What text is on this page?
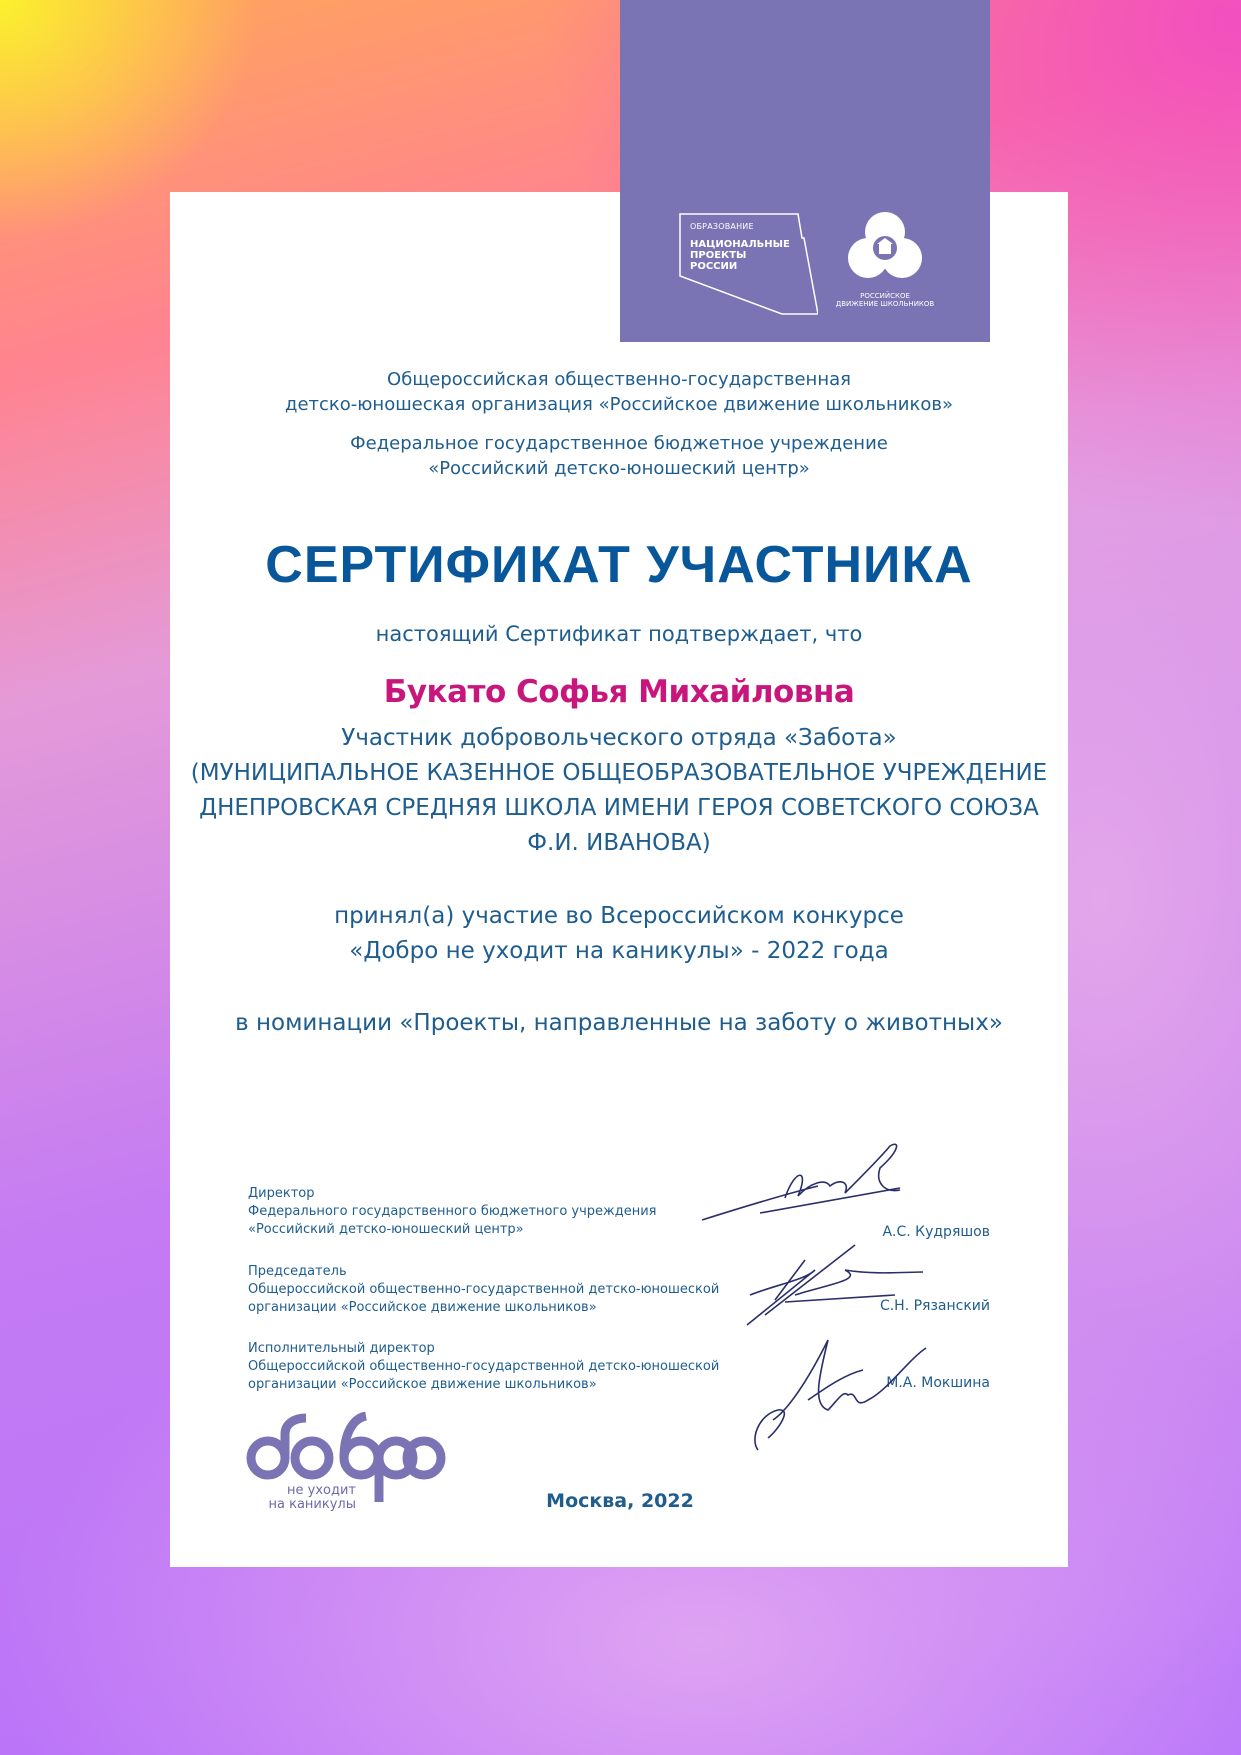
ОБРАЗОВАНИЕ
НАЦИОНАЛЬНЫЕ ПРОЕКТЫ РОССИИ
РОССИЙСКОЕ
ДВИЖЕНИЕ ШКОЛЬНИКОВ
Общероссийская общественно-государственная
детско-юношеская организация «Российское движение школьников»
Федеральное государственное бюджетное учреждение
«Российский детско-юношеский центр»
СЕРТИФИКАТ УЧАСТНИКА
настоящий Сертификат подтверждает, что
Букато Софья Михайловна
Участник добровольческого отряда «Забота»
(МУНИЦИПАЛЬНОЕ КАЗЕННОЕ ОБЩЕОБРАЗОВАТЕЛЬНОЕ УЧРЕЖДЕНИЕ
ДНЕПРОВСКАЯ СРЕДНЯЯ ШКОЛА ИМЕНИ ГЕРОЯ СОВЕТСКОГО СОЮЗА
Ф.И. ИВАНОВА)
принял(а) участие во Всероссийском конкурсе
«Добро не уходит на каникулы» - 2022 года
в номинации «Проекты, направленные на заботу о животных»
Директор
Федерального государственного бюджетного учреждения
«Российский детско-юношеский центр»	А.С. Кудряшов
Председатель
Общероссийской общественно-государственной детско-юношеской
организации «Российское движение школьников»	С.Н. Рязанский
Исполнительный директор
Общероссийской общественно-государственной детско-юношеской
организации «Российское движение школьников»	М.А. Мокшина
не уходит
на каникулы	Москва, 2022
